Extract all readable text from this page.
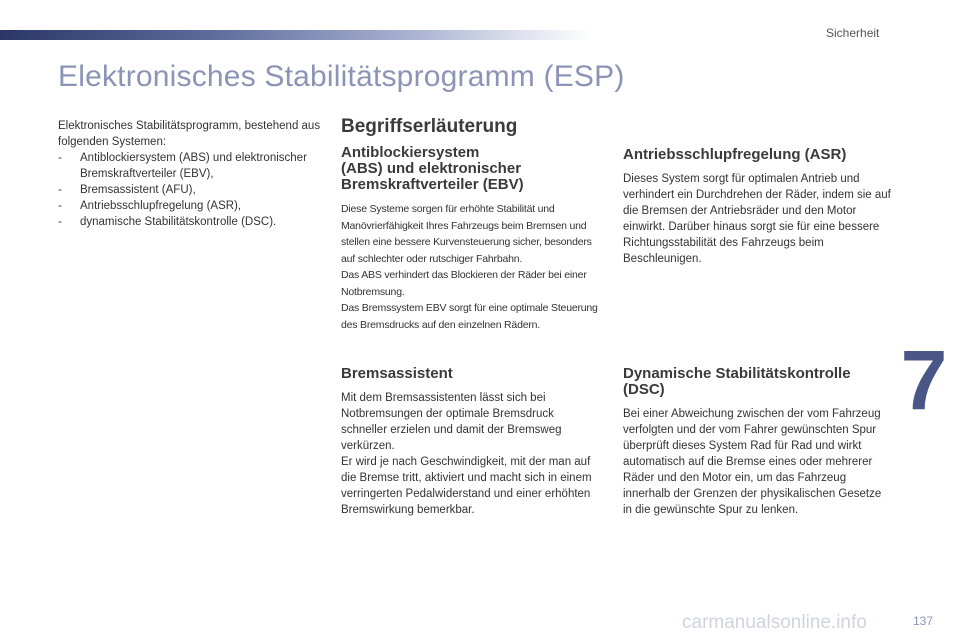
Sicherheit
Elektronisches Stabilitätsprogramm (ESP)
Elektronisches Stabilitätsprogramm, bestehend aus folgenden Systemen:
- Antiblockiersystem (ABS) und elektronischer Bremskraftverteiler (EBV),
- Bremsassistent (AFU),
- Antriebsschlupfregelung (ASR),
- dynamische Stabilitätskontrolle (DSC).
Begriffserläuterung
Antiblockiersystem
(ABS) und elektronischer
Bremskraftverteiler (EBV)

Diese Systeme sorgen für erhöhte Stabilität und Manövrierfähigkeit Ihres Fahrzeugs beim Bremsen und stellen eine bessere Kurvensteuerung sicher, besonders auf schlechter oder rutschiger Fahrbahn.

Das ABS verhindert das Blockieren der Räder bei einer Notbremsung.

Das Bremssystem EBV sorgt für eine optimale Steuerung des Bremsdrucks auf den einzelnen Rädern.

Bremsassistent

Mit dem Bremsassistenten lässt sich bei Notbremsungen der optimale Bremsdruck schneller erzielen und damit der Bremsweg verkürzen.

Er wird je nach Geschwindigkeit, mit der man auf die Bremse tritt, aktiviert und macht sich in einem verringerten Pedalwiderstand und einer erhöhten Bremswirkung bemerkbar.

Antriebsschlupfregelung (ASR)

Dieses System sorgt für optimalen Antrieb und verhindert ein Durchdrehen der Räder, indem sie auf die Bremsen der Antriebsräder und den Motor einwirkt. Darüber hinaus sorgt sie für eine bessere Richtungsstabilität des Fahrzeugs beim Beschleunigen.

Dynamische Stabilitätskontrolle
(DSC)

Bei einer Abweichung zwischen der vom Fahrzeug verfolgten und der vom Fahrer gewünschten Spur überprüft dieses System Rad für Rad und wirkt automatisch auf die Bremse eines oder mehrerer Räder und den Motor ein, um das Fahrzeug innerhalb der Grenzen der physikalischen Gesetze in die gewünschte Spur zu lenken.

7
carmanualsonline.info	137
